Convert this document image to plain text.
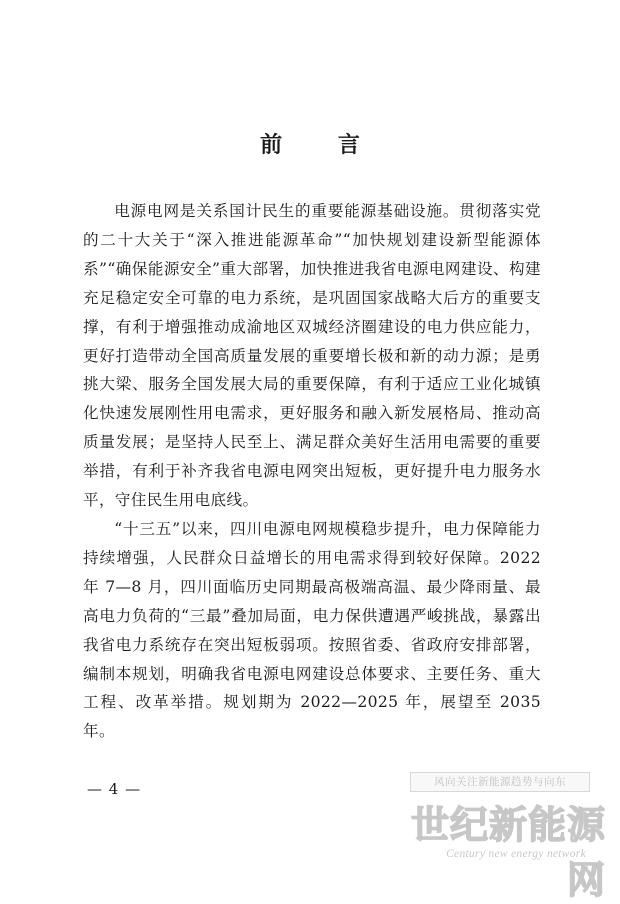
前 言

电源电网是关系国计民生的重要能源基础设施。贯彻落实党的二十大关于“深入推进能源革命”“加快规划建设新型能源体系”“确保能源安全”重大部署，加快推进我省电源电网建设、构建充足稳定安全可靠的电力系统，是巩固国家战略大后方的重要支撑，有利于增强推动成渝地区双城经济圈建设的电力供应能力，更好打造带动全国高质量发展的重要增长极和新的动力源；是勇挑大梁、服务全国发展大局的重要保障，有利于适应工业化城镇化快速发展刚性用电需求，更好服务和融入新发展格局、推动高质量发展；是坚持人民至上、满足群众美好生活用电需要的重要举措，有利于补齐我省电源电网突出短板，更好提升电力服务水平，守住民生用电底线。

“十三五”以来，四川电源电网规模稳步提升，电力保障能力持续增强，人民群众日益增长的用电需求得到较好保障。2022 年 7—8 月，四川面临历史同期最高极端高温、最少降雨量、最高电力负荷的“三最”叠加局面，电力保供遭遇严峻挑战，暴露出我省电力系统存在突出短板弱项。按照省委、省政府安排部署，编制本规划，明确我省电源电网建设总体要求、主要任务、重大工程、改革举措。规划期为 2022—2025 年，展望至 2035 年。

— 4 —	风向关注新能源趋势与向东
世纪新能源网
Century new energy network
